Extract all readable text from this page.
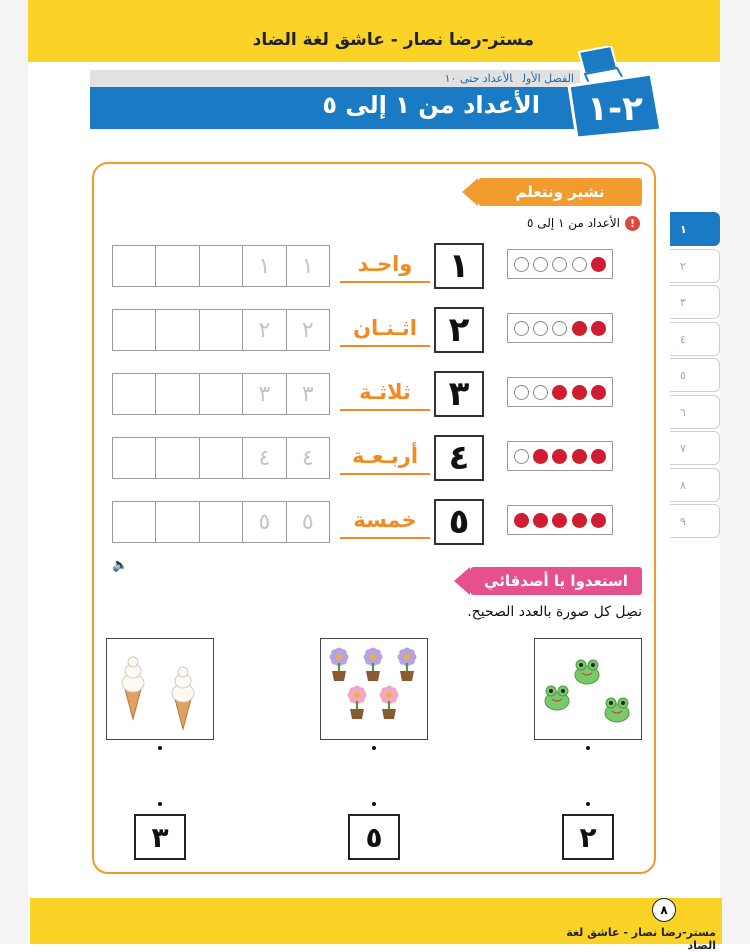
مستر-رضا نصار - عاشق لغة الضاد
الفصل الأولالأعداد حتى ١٠
الأعداد من ١ إلى ٥ ٢-١
١
٢
٣
٤
٥
٦
٧
٨
٩
نشير ونتعلم
!الأعداد من ١ إلى ٥
١	١	واحـد	١
٢	٢	اثـنـان ٢
٣	٣	ثلاثـة	٣
٤	٤	أربـعـة ٤
٥	٥	خمسة ٥
🔈
استعدوا يا أصدقائي
نصِل كل صورة بالعدد الصحيح.
٣	٥	٢
٨
مستر-رضا نصار - عاشق لغة الضاد
